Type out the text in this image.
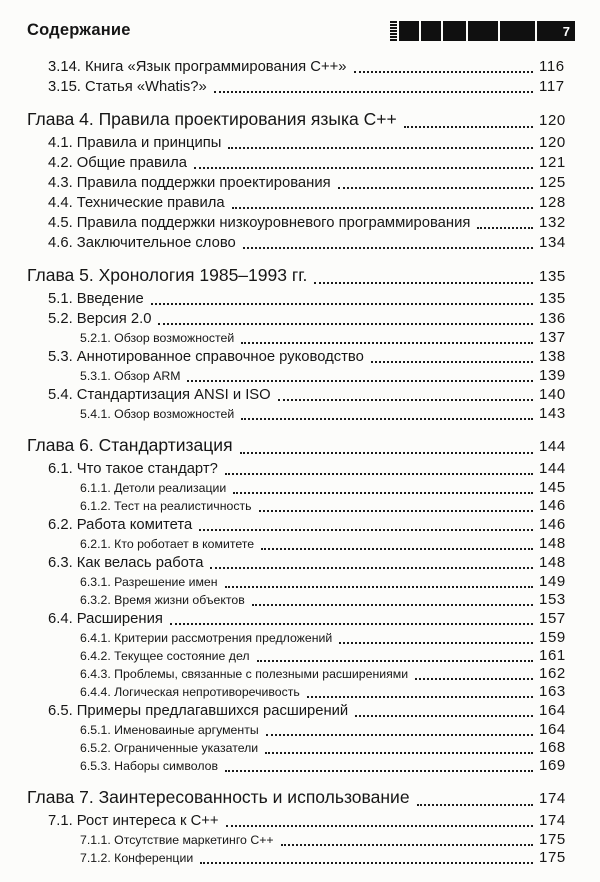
Содержание	7
3.14. Книга «Язык программирования C++»	116
3.15. Статья «Whatis?»	117
Глава 4. Правила проектирования языка C++	120
4.1. Правила и принципы	120
4.2. Общие правила	121
4.3. Правила поддержки проектирования	125
4.4. Технические правила	128
4.5. Правила поддержки низкоуровневого программирования	132
4.6. Заключительное слово	134
Глава 5. Хронология 1985–1993 гг.	135
5.1. Введение	135
5.2. Версия 2.0	136
5.2.1. Обзор возможностей	137
5.3. Аннотированное справочное руководство	138
5.3.1. Обзор ARM	139
5.4. Стандартизация ANSI и ISO	140
5.4.1. Обзор возможностей	143
Глава 6. Стандартизация	144
6.1. Что такое стандарт?	144
6.1.1. Детоли реализации	145
6.1.2. Тест на реалистичность	146
6.2. Работа комитета	146
6.2.1. Кто роботает в комитете	148
6.3. Как велась работа	148
6.3.1. Разрешение имен	149
6.3.2. Время жизни объектов	153
6.4. Расширения	157
6.4.1. Критерии рассмотрения предложений	159
6.4.2. Текущее состояние дел	161
6.4.3. Проблемы, связанные с полезными расширениями	162
6.4.4. Логическая непротиворечивость	163
6.5. Примеры предлагавшихся расширений	164
6.5.1. Именоваиные аргументы	164
6.5.2. Ограниченные указатели	168
6.5.3. Наборы символов	169
Глава 7. Заинтересованность и использование	174
7.1. Рост интереса к C++	174
7.1.1. Отсутствие маркетинго C++	175
7.1.2. Конференции	175
